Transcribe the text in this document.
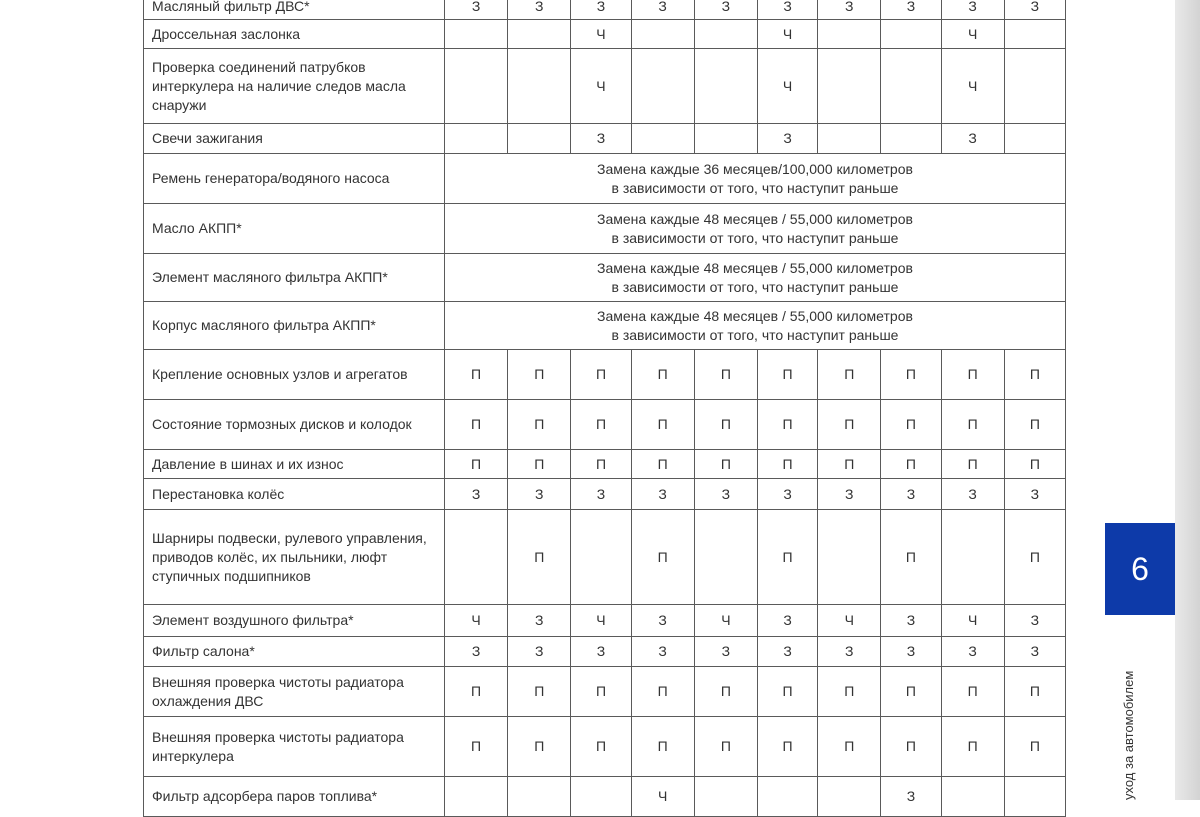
Масляный фильтр ДВС*	З	З	З	З	З	З	З	З	З	З
Дроссельная заслонка			Ч			Ч			Ч	
Проверка соединений патрубков интеркулера на наличие следов масла снаружи			Ч			Ч			Ч	
Свечи зажигания			З			З			З	
Ремень генератора/водяного насоса	Замена каждые 36 месяцев/100,000 километров
в зависимости от того, что наступит раньше									

Масло АКПП*	Замена каждые 48 месяцев / 55,000 километров
в зависимости от того, что наступит раньше									

Элемент масляного фильтра АКПП*	Замена каждые 48 месяцев / 55,000 километров
в зависимости от того, что наступит раньше									

Корпус масляного фильтра АКПП*	Замена каждые 48 месяцев / 55,000 километров
в зависимости от того, что наступит раньше									

Крепление основных узлов и агрегатов	П	П	П	П	П	П	П	П	П	П
Состояние тормозных дисков и колодок	П	П	П	П	П	П	П	П	П	П
Давление в шинах и их износ	П	П	П	П	П	П	П	П	П	П
Перестановка колёс	З	З	З	З	З	З	З	З	З	З
Шарниры подвески, рулевого управления, приводов колёс, их пыльники, люфт ступичных подшипников		П		П		П		П		П
Элемент воздушного фильтра*	Ч	З	Ч	З	Ч	З	Ч	З	Ч	З
Фильтр салона*	З	З	З	З	З	З	З	З	З	З
Внешняя проверка чистоты радиатора охлаждения ДВС	П	П	П	П	П	П	П	П	П	П
Внешняя проверка чистоты радиатора интеркулера	П	П	П	П	П	П	П	П	П	П
Фильтр адсорбера паров топлива*				Ч				З		
6
уход за автомобилем
